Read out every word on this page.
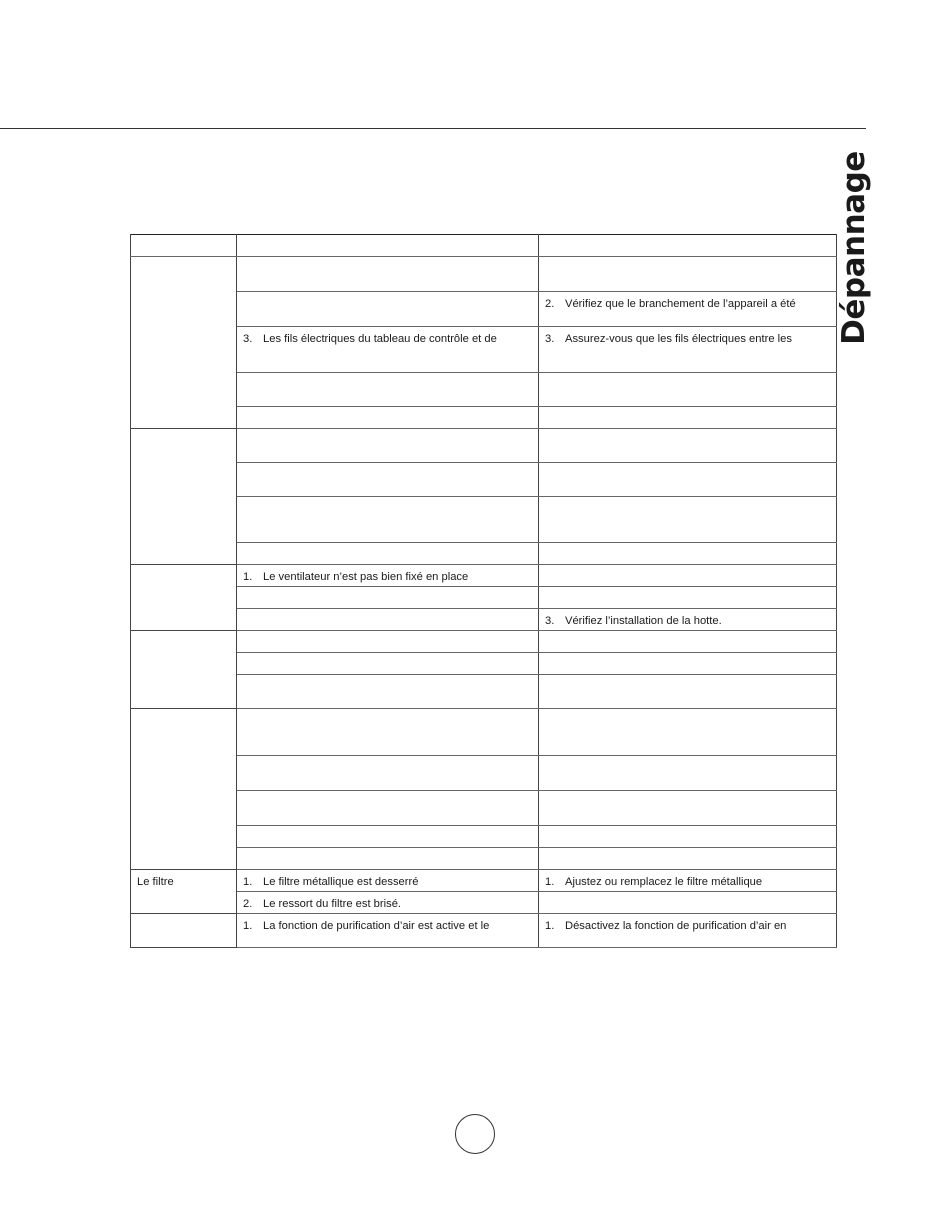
Dépannage

		2. Vérifiez que le branchement de l’appareil a été

	3. Les fils électriques du tableau de contrôle et de	3. Assurez-vous que les fils électriques entre les

	1. Le ventilateur n’est pas bien fixé en place	

		3. Vérifiez l’installation de la hotte.

Le filtre	1. Le filtre métallique est desserré	1. Ajustez ou remplacez le filtre métallique

	2. Le ressort du filtre est brisé.	

	1. La fonction de purification d’air est active et le	1. Désactivez la fonction de purification d’air en
